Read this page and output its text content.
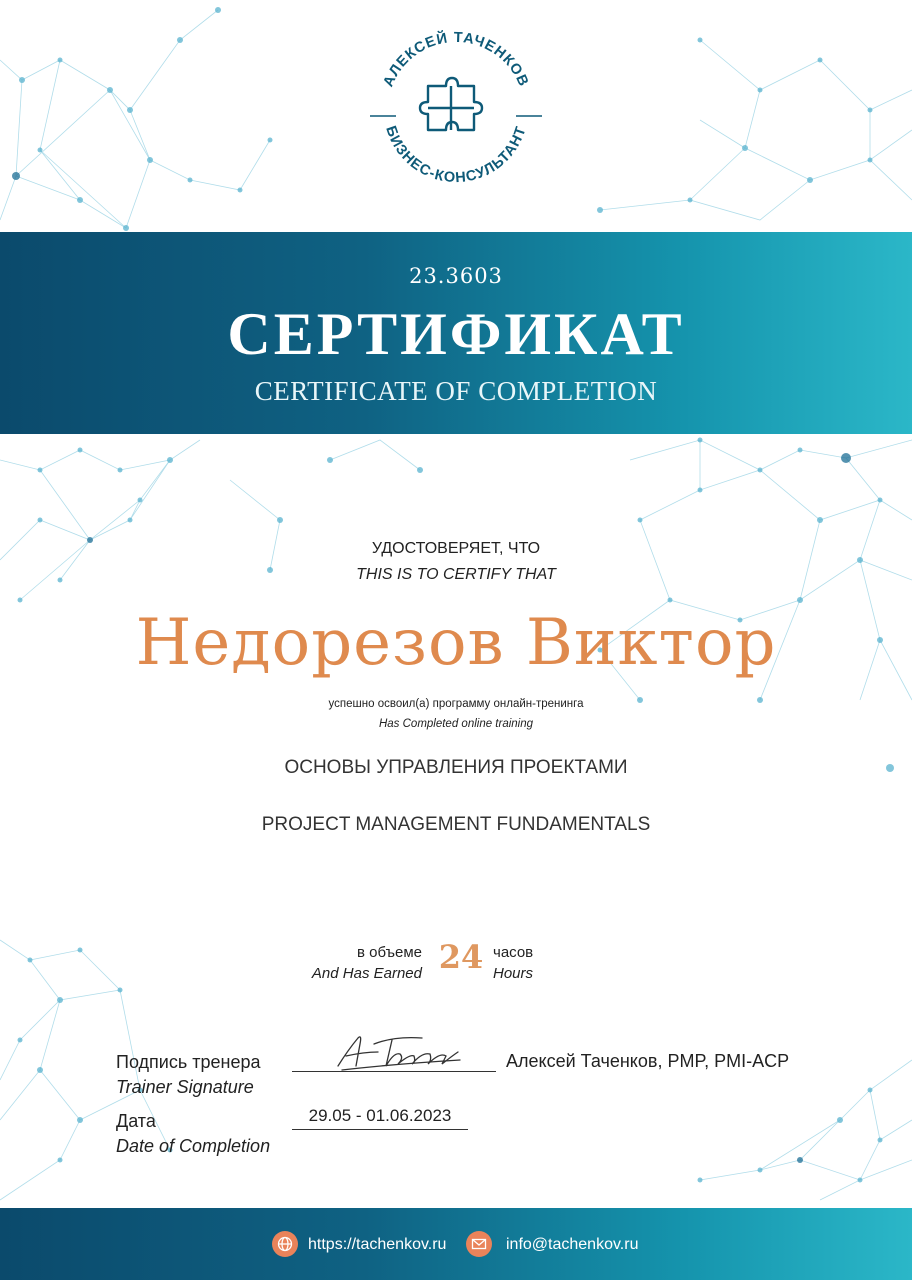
АЛЕКСЕЙ ТАЧЕНКОВ
БИЗНЕС-КОНСУЛЬТАНТ
23.3603
СЕРТИФИКАТ
CERTIFICATE OF COMPLETION
УДОСТОВЕРЯЕТ, ЧТО
THIS IS TO CERTIFY THAT
Недорезов Виктор
успешно освоил(а) программу онлайн-тренинга
Has Completed online training
ОСНОВЫ УПРАВЛЕНИЯ ПРОЕКТАМИ
PROJECT MANAGEMENT FUNDAMENTALS
в объеме
And Has Earned 24 часов
Hours
Подпись тренера
Trainer Signature
Алексей Таченков, PMP, PMI-ACP
Дата
Date of Completion
29.05 - 01.06.2023
https://tachenkov.ru	info@tachenkov.ru
